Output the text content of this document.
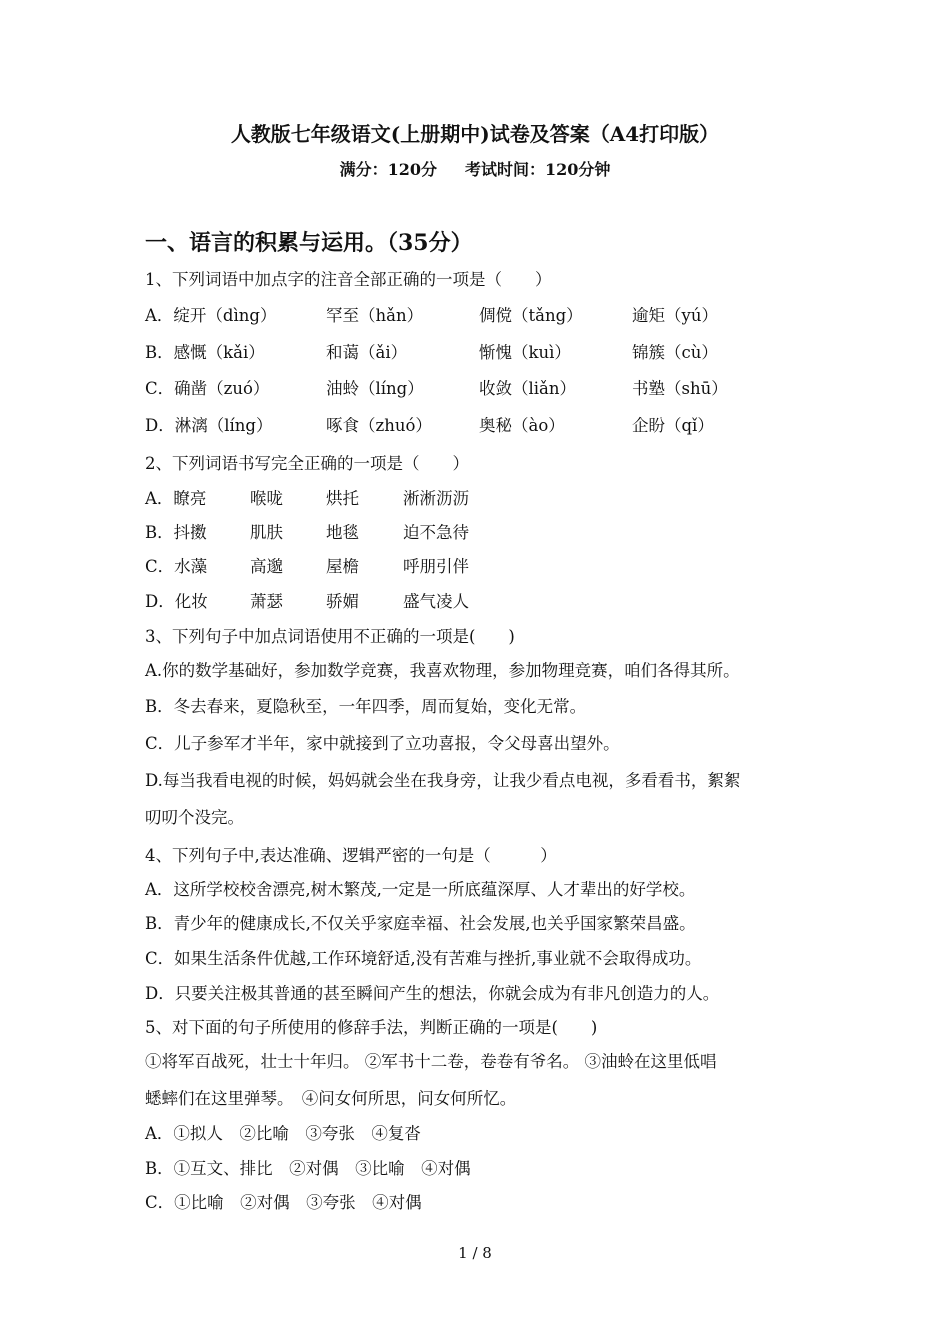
人教版七年级语文(上册期中)试卷及答案（A4打印版）
满分：120分 考试时间：120分钟
一、语言的积累与运用。（35分）
1、下列词语中加点字的注音全部正确的一项是（　　）
A．绽开（dìng）	罕至（hǎn）	倜傥（tǎng）	逾矩（yú）
B．感慨（kǎi）	和蔼（ǎi）	惭愧（kuì）	锦簇（cù）
C．确凿（zuó）	油蛉（líng）	收敛（liǎn）	书塾（shū）
D．淋漓（líng）	啄食（zhuó）	奥秘（ào）	企盼（qǐ）
2、下列词语书写完全正确的一项是（　　）
A．瞭亮	喉咙	烘托	淅淅沥沥
B．抖擞	肌肤	地毯	迫不急待
C．水藻	高邈	屋檐	呼朋引伴
D．化妆	萧瑟	骄媚	盛气凌人
3、下列句子中加点词语使用不正确的一项是(　　)
A.你的数学基础好，参加数学竞赛，我喜欢物理，参加物理竞赛，咱们各得其所。
B．冬去春来，夏隐秋至，一年四季，周而复始，变化无常。
C．儿子参军才半年，家中就接到了立功喜报，令父母喜出望外。
D.每当我看电视的时候，妈妈就会坐在我身旁，让我少看点电视，多看看书，絮絮
叨叨个没完。
4、下列句子中,表达准确、逻辑严密的一句是（　　　）
A．这所学校校舍漂亮,树木繁茂,一定是一所底蕴深厚、人才辈出的好学校。
B．青少年的健康成长,不仅关乎家庭幸福、社会发展,也关乎国家繁荣昌盛。
C．如果生活条件优越,工作环境舒适,没有苦难与挫折,事业就不会取得成功。
D．只要关注极其普通的甚至瞬间产生的想法，你就会成为有非凡创造力的人。
5、对下面的句子所使用的修辞手法，判断正确的一项是(　　)
①将军百战死，壮士十年归。 ②军书十二卷，卷卷有爷名。 ③油蛉在这里低唱
蟋蟀们在这里弹琴。　④问女何所思，问女何所忆。
A．①拟人　②比喻　③夸张　④复沓
B．①互文、排比　②对偶　③比喻　④对偶
C．①比喻　②对偶　③夸张　④对偶
1 / 8
